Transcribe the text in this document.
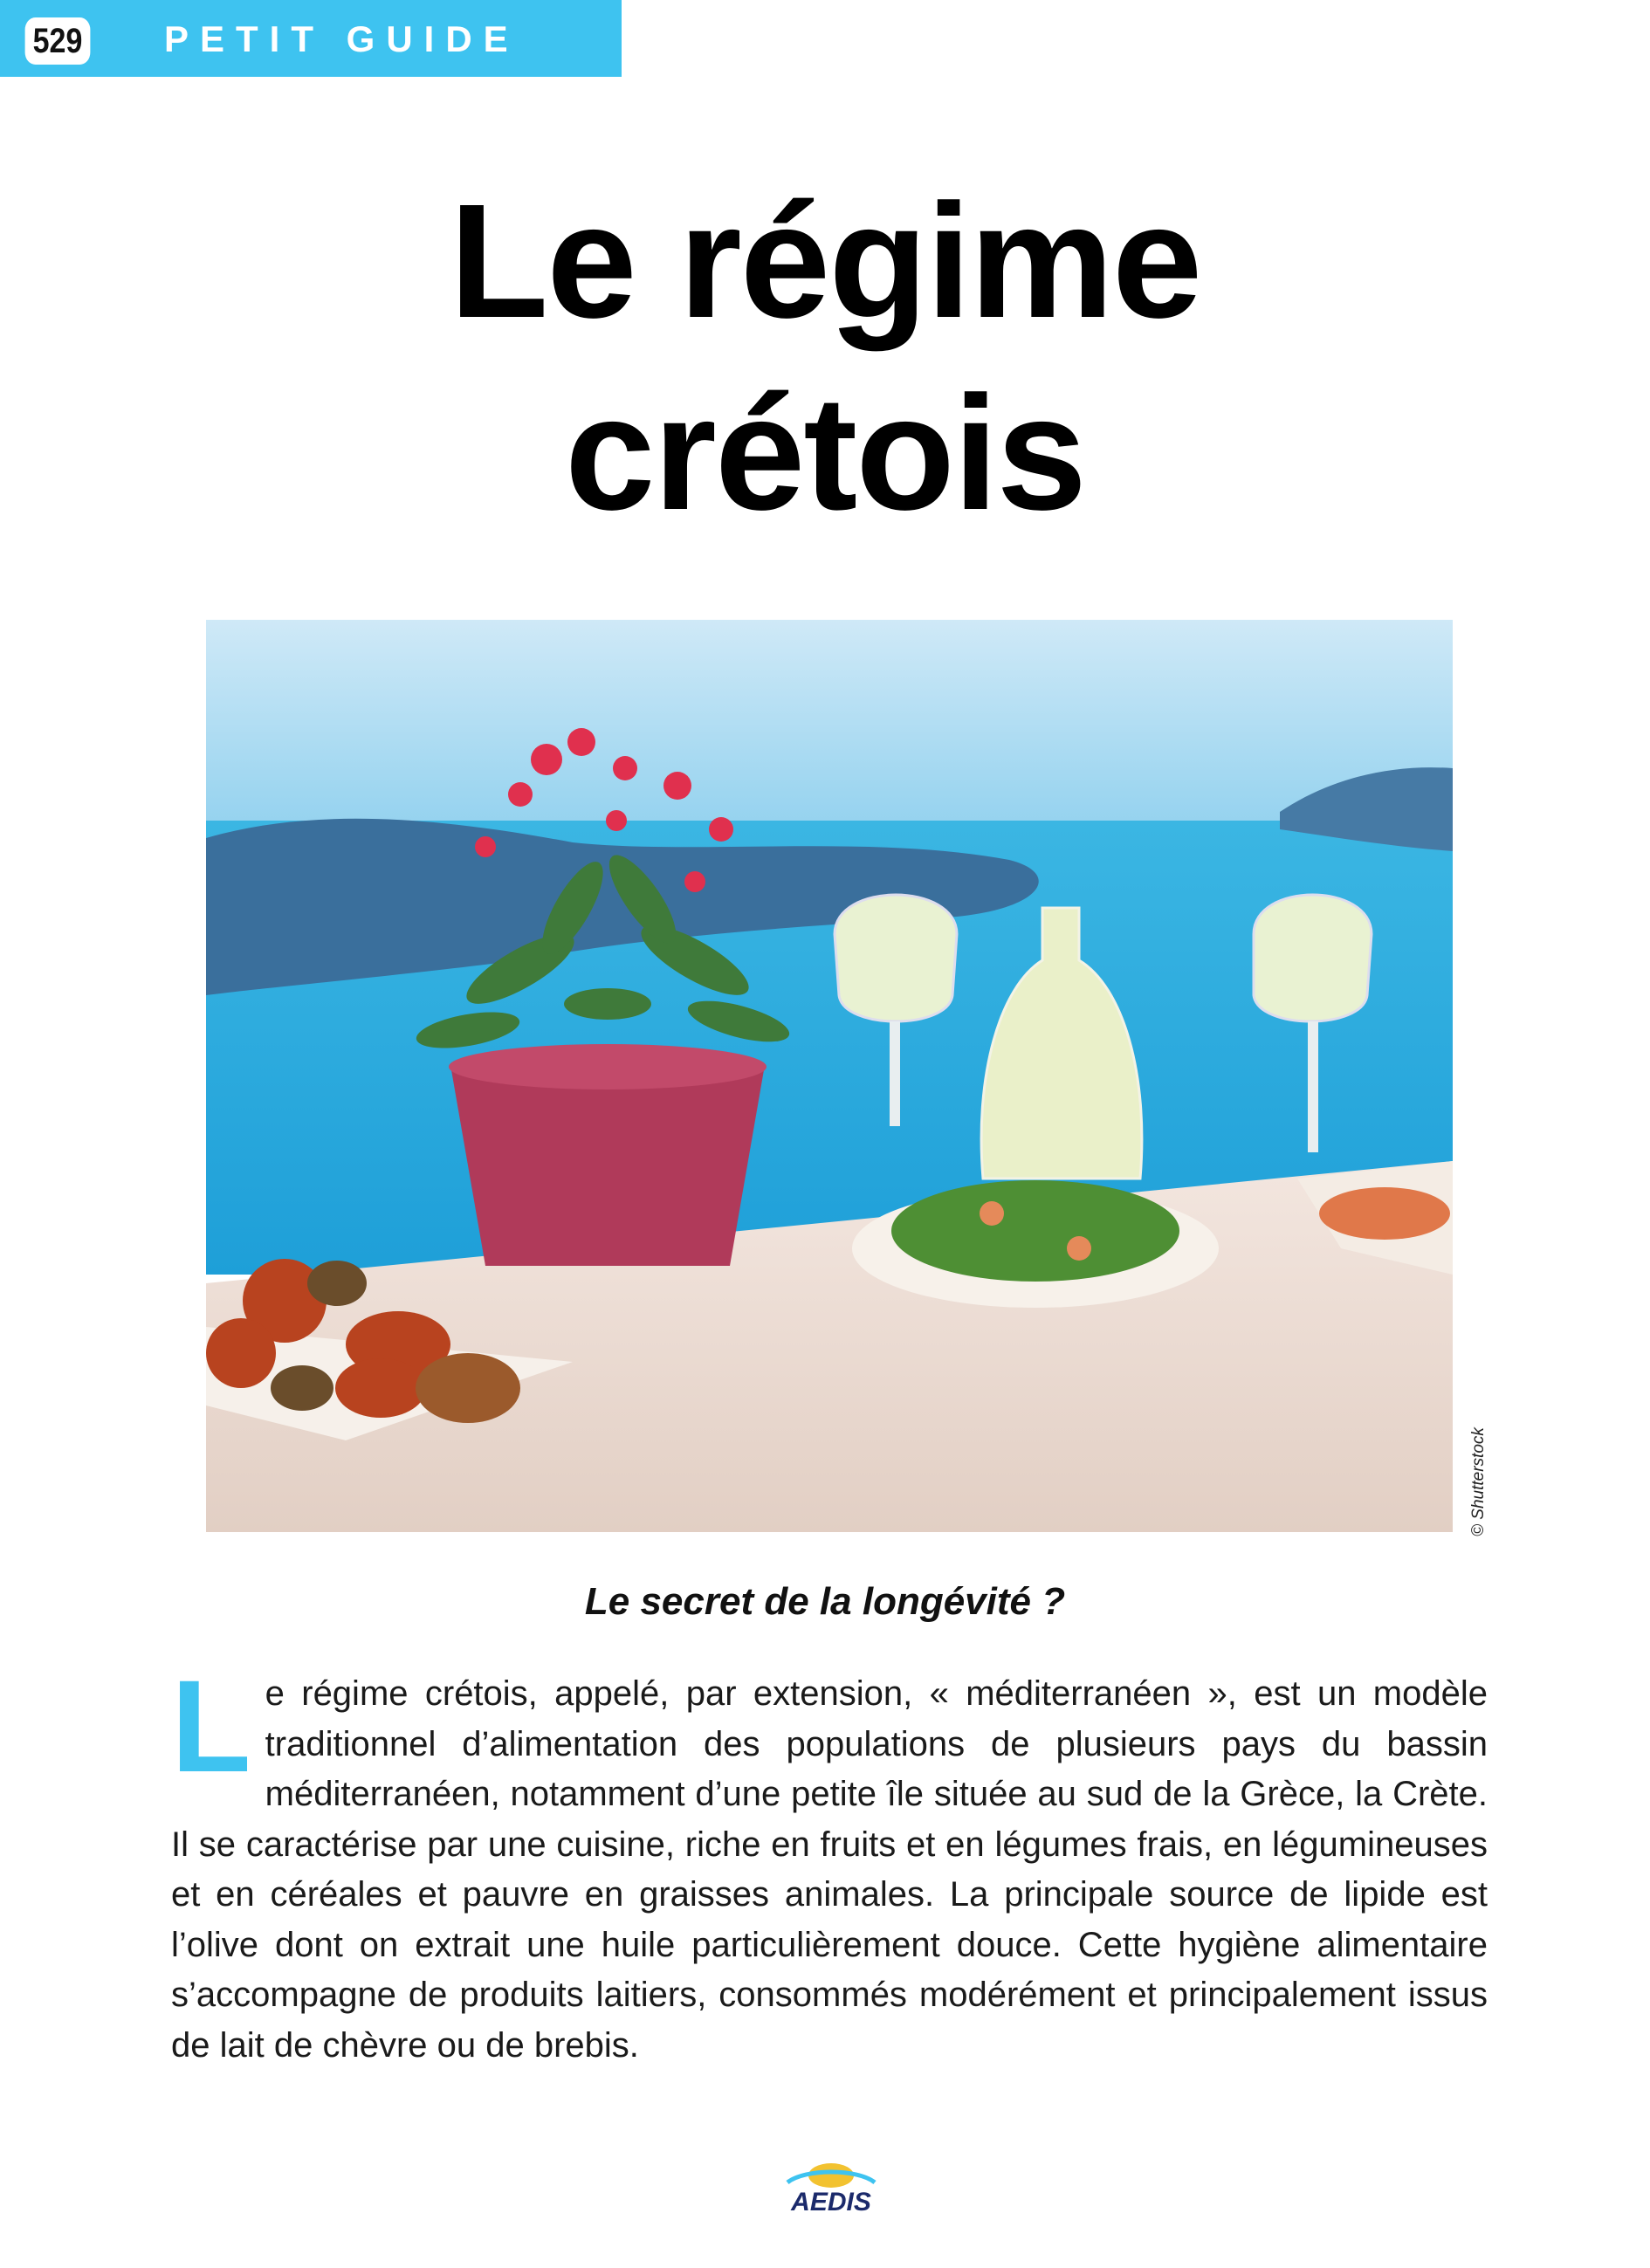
529 PETIT GUIDE
Le régime
crétois
© Shutterstock
Le secret de la longévité ?
L e régime crétois, appelé, par extension, « méditerranéen », est un modèle traditionnel d’alimentation des populations de plusieurs pays du bassin méditerranéen, notamment d’une petite île située au sud de la Grèce, la Crète. Il se caractérise par une cuisine, riche en fruits et en légumes frais, en légumineuses et en céréales et pauvre en graisses animales. La principale source de lipide est l’olive dont on extrait une huile particulièrement douce. Cette hygiène alimentaire s’accompagne de produits laitiers, consommés modérément et principalement issus de lait de chèvre ou de brebis.
AEDIS
